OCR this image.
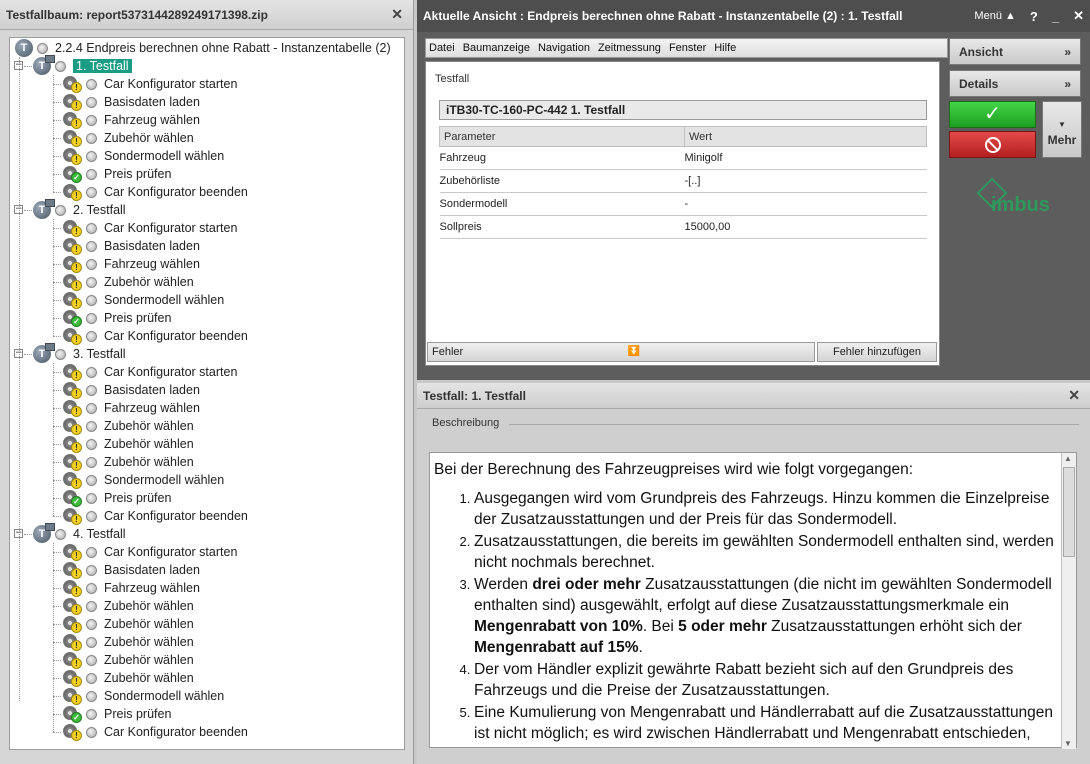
Testfallbaum: report5373144289249171398.zip	✕
T	2.2.4 Endpreis berechnen ohne Rabatt - Instanzentabelle (2)
−	T	1. Testfall
!	Car Konfigurator starten
!	Basisdaten laden
!	Fahrzeug wählen
!	Zubehör wählen
!	Sondermodell wählen
✓ Preis prüfen
!	Car Konfigurator beenden
−	T	2. Testfall
!	Car Konfigurator starten
!	Basisdaten laden
!	Fahrzeug wählen
!	Zubehör wählen
!	Sondermodell wählen
✓ Preis prüfen
!	Car Konfigurator beenden
−	T	3. Testfall
!	Car Konfigurator starten
!	Basisdaten laden
!	Fahrzeug wählen
!	Zubehör wählen
!	Zubehör wählen
!	Zubehör wählen
!	Sondermodell wählen
✓ Preis prüfen
!	Car Konfigurator beenden
−	T	4. Testfall
!	Car Konfigurator starten
!	Basisdaten laden
!	Fahrzeug wählen
!	Zubehör wählen
!	Zubehör wählen
!	Zubehör wählen
!	Zubehör wählen
!	Zubehör wählen
!	Sondermodell wählen
✓ Preis prüfen
!	Car Konfigurator beenden
Aktuelle Ansicht : Endpreis berechnen ohne Rabatt - Instanzentabelle (2) : 1. Testfall	Menü ▲ ? _ ✕
Datei Baumanzeige Navigation Zeitmessung Fenster Hilfe
Testfall
iTB30-TC-160-PC-442 1. Testfall
Parameter	Wert
Fahrzeug	Minigolf
Zubehörliste	-[..]
Sondermodell	-
Sollpreis	15000,00
Fehler	⏬	Fehler hinzufügen
Ansicht	»
Details	»
✓	▼
Mehr
imbus
Testfall: 1. Testfall	✕
Beschreibung

Bei der Berechnung des Fahrzeugpreises wird wie folgt vorgegangen:

1. Ausgegangen wird vom Grundpreis des Fahrzeugs. Hinzu kommen die Einzelpreise der Zusatzausstattungen und der Preis für das Sondermodell.
2. Zusatzausstattungen, die bereits im gewählten Sondermodell enthalten sind, werden nicht nochmals berechnet.
3. Werden drei oder mehr Zusatzausstattungen (die nicht im gewählten Sondermodell enthalten sind) ausgewählt, erfolgt auf diese Zusatzausstattungsmerkmale ein Mengenrabatt von 10%. Bei 5 oder mehr Zusatzausstattungen erhöht sich der Mengenrabatt auf 15%.
4. Der vom Händler explizit gewährte Rabatt bezieht sich auf den Grundpreis des Fahrzeugs und die Preise der Zusatzausstattungen.
5. Eine Kumulierung von Mengenrabatt und Händlerrabatt auf die Zusatzausstattungen ist nicht möglich; es wird zwischen Händlerrabatt und Mengenrabatt entschieden,
▲
▼
